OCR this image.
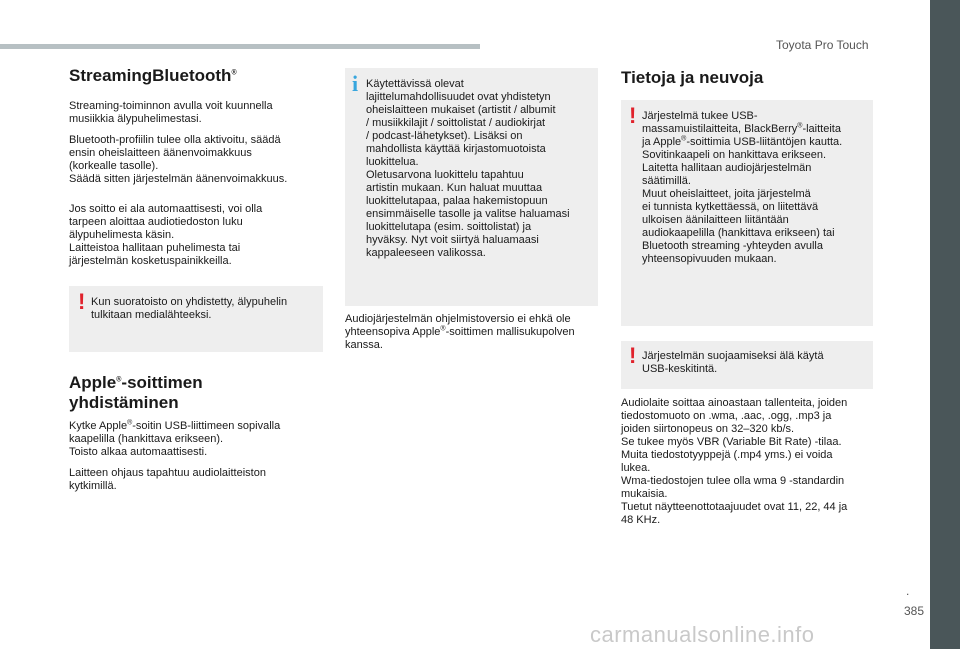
Toyota Pro Touch
.
385
StreamingBluetooth®

Streaming-toiminnon avulla voit kuunnella
musiikkia älypuhelimestasi.

Bluetooth-profiilin tulee olla aktivoitu, säädä
ensin oheislaitteen äänenvoimakkuus
(korkealle tasolle).
Säädä sitten järjestelmän äänenvoimakkuus.

Jos soitto ei ala automaattisesti, voi olla
tarpeen aloittaa audiotiedoston luku
älypuhelimesta käsin.
Laitteistoa hallitaan puhelimesta tai
järjestelmän kosketuspainikkeilla.

! Kun suoratoisto on yhdistetty, älypuhelin
tulkitaan medialähteeksi.
Apple®-soittimen
yhdistäminen

Kytke Apple®-soitin USB-liittimeen sopivalla
kaapelilla (hankittava erikseen).
Toisto alkaa automaattisesti.

Laitteen ohjaus tapahtuu audiolaitteiston
kytkimillä.

i Käytettävissä olevat
lajittelumahdollisuudet ovat yhdistetyn
oheislaitteen mukaiset (artistit / albumit
/ musiikkilajit / soittolistat / audiokirjat
/ podcast-lähetykset). Lisäksi on
mahdollista käyttää kirjastomuotoista
luokittelua.
Oletusarvona luokittelu tapahtuu
artistin mukaan. Kun haluat muuttaa
luokittelutapaa, palaa hakemistopuun
ensimmäiselle tasolle ja valitse haluamasi
luokittelutapa (esim. soittolistat) ja
hyväksy. Nyt voit siirtyä haluamaasi
kappaleeseen valikossa.

Audiojärjestelmän ohjelmistoversio ei ehkä ole
yhteensopiva Apple®-soittimen mallisukupolven
kanssa.

Tietoja ja neuvoja
! Järjestelmä tukee USB-
massamuistilaitteita, BlackBerry®-laitteita
ja Apple®-soittimia USB-liitäntöjen kautta.
Sovitinkaapeli on hankittava erikseen.
Laitetta hallitaan audiojärjestelmän
säätimillä.
Muut oheislaitteet, joita järjestelmä
ei tunnista kytkettäessä, on liitettävä
ulkoisen äänilaitteen liitäntään
audiokaapelilla (hankittava erikseen) tai
Bluetooth streaming -yhteyden avulla
yhteensopivuuden mukaan.
! Järjestelmän suojaamiseksi älä käytä
USB-keskitintä.

Audiolaite soittaa ainoastaan tallenteita, joiden
tiedostomuoto on .wma, .aac, .ogg, .mp3 ja
joiden siirtonopeus on 32–320 kb/s.
Se tukee myös VBR (Variable Bit Rate) -tilaa.
Muita tiedostotyyppejä (.mp4 yms.) ei voida
lukea.
Wma-tiedostojen tulee olla wma 9 -standardin
mukaisia.
Tuetut näytteenottotaajuudet ovat 11, 22, 44 ja
48 KHz.

carmanualsonline.info
